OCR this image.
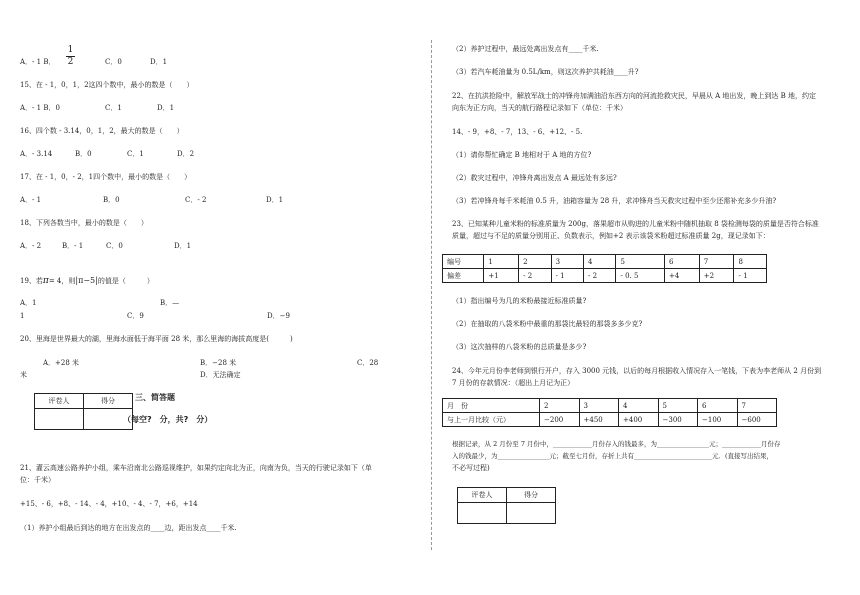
A．- 1 B．
1
2	C．0	D．1
15、在 - 1，0，1，2这四个数中，最小的数是（　　）
A．- 1 B．0	C．1	D．1
16、四个数 - 3.14，0，1，2，最大的数是（　　）
A．- 3.14	B．0	C．1	D．2
17、在 - 1，0，- 2，1四个数中，最小的数是（　　）
A．- 1	B．0	C．- 2	D．1
18、下列各数当中，最小的数是（　　）
A．- 2	B．- 1	C．0	D．1
19、若π= 4，则|π−5|的值是（　　　）
A．1	B．—
1	C．9	D．−9
20、里海是世界最大的湖，里海水面低于海平面 28 米，那么里海的海拔高度是(　　　)
A．+28 米	B．−28 米	C．28
米	D．无法确定
评卷人	得分
		三、简答题
（每空?　分，共?　分）
21、灌云高速公路养护小组，乘车沿南北公路巡视维护，如果约定向北为正，向南为负，当天的行驶记录如下（单
位：千米）
+15、- 6，+8、- 14、- 4，+10、- 4、- 7，+6，+14
（1）养护小组最后到达的地方在出发点的____边，距出发点____千米.
（2）养护过程中，最远处离出发点有____千米.
（3）若汽车耗油量为 0.5L/km，则这次养护共耗油____升?
22、在抗洪抢险中，解放军战士的冲锋舟加满油沿东西方向的河流抢救灾民，早晨从 A 地出发，晚上到达 B 地，约定
向东为正方向，当天的航行路程记录如下（单位：千米）
14、- 9，+8、- 7，13、- 6、+12、- 5.
（1）请你帮忙确定 B 地相对于 A 地的方位?
（2）救灾过程中，冲锋舟离出发点 A 最远处有多远?
（3）若冲锋舟每千米耗油 0.5 升，油箱容量为 28 升，求冲锋舟当天救灾过程中至少还需补充多少升油?
23、已知某种儿童米粉的标准质量为 200g，落果超市从购进的儿童米粉中随机抽取 8 袋检测每袋的质量是否符合标准
质量，超过与不足的质量分别用正、负数表示，例如+2 表示该袋米粉超过标准质量 2g，现记录如下：
编号	1	2	3	4	5	6	7	8
偏差	+1	- 2	- 1	- 2	- 0. 5	+4	+2	- 1
（1）指出编号为几的米粉最接近标准质量?
（2）在抽取的八袋米粉中最重的那袋比最轻的那袋多多少克?
（3）这次抽样的八袋米粉的总质量是多少?
24、今年元月份李老师到银行开户，存入 3000 元钱，以后的每月根据收入情况存入一笔钱，下表为李老师从 2 月份到
7 月份的存款情况：（超出上月记为正）
月　份	2	3	4	5	6	7
与上一月比较（元）	−200	+450	+400	−300	−100	−600
根据记录，从 2 月份至 7 月份中，____________月份存入的钱最多，为________________元；____________月份存
入的钱最少，为________________元；截至七月份，存折上共有________________________元．(直接写出结果，
不必写过程)
评卷人	得分
